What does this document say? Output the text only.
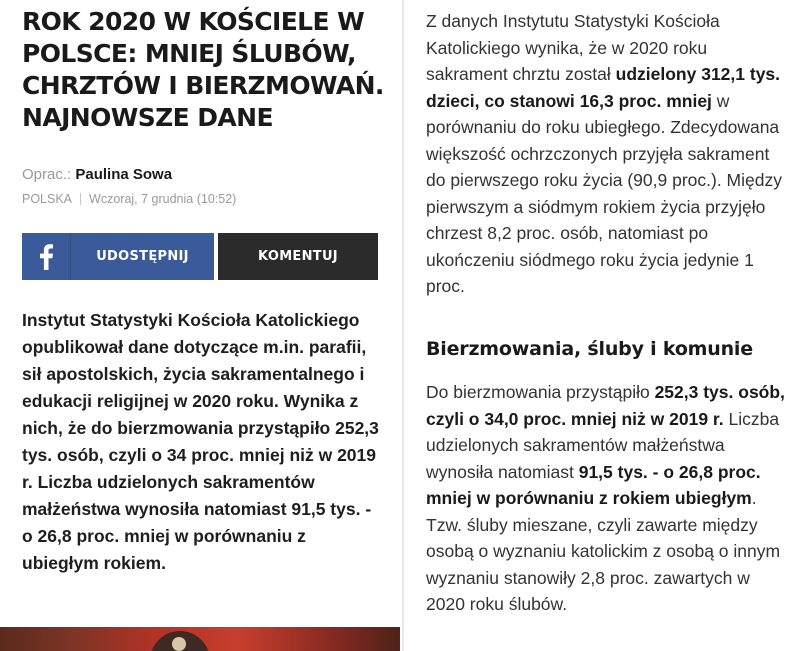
ROK 2020 W KOŚCIELE W POLSCE: MNIEJ ŚLUBÓW, CHRZTÓW I BIERZMOWAŃ. NAJNOWSZE DANE
Oprac.: Paulina Sowa
POLSKA Wczoraj, 7 grudnia (10:52)
UDOSTĘPNIJ	KOMENTUJ

Instytut Statystyki Kościoła Katolickiego opublikował dane dotyczące m.in. parafii, sił apostolskich, życia sakramentalnego i edukacji religijnej w 2020 roku. Wynika z nich, że do bierzmowania przystąpiło 252,3 tys. osób, czyli o 34 proc. mniej niż w 2019 r. Liczba udzielonych sakramentów małżeństwa wynosiła natomiast 91,5 tys. - o 26,8 proc. mniej w porównaniu z ubiegłym rokiem.

Z danych Instytutu Statystyki Kościoła Katolickiego wynika, że w 2020 roku sakrament chrztu został udzielony 312,1 tys. dzieci, co stanowi 16,3 proc. mniej w porównaniu do roku ubiegłego. Zdecydowana większość ochrzczonych przyjęła sakrament do pierwszego roku życia (90,9 proc.). Między pierwszym a siódmym rokiem życia przyjęło chrzest 8,2 proc. osób, natomiast po ukończeniu siódmego roku życia jedynie 1 proc.

Bierzmowania, śluby i komunie

Do bierzmowania przystąpiło 252,3 tys. osób, czyli o 34,0 proc. mniej niż w 2019 r. Liczba udzielonych sakramentów małżeństwa wynosiła natomiast 91,5 tys. - o 26,8 proc. mniej w porównaniu z rokiem ubiegłym. Tzw. śluby mieszane, czyli zawarte między osobą o wyznaniu katolickim z osobą o innym wyznaniu stanowiły 2,8 proc. zawartych w 2020 roku ślubów.
